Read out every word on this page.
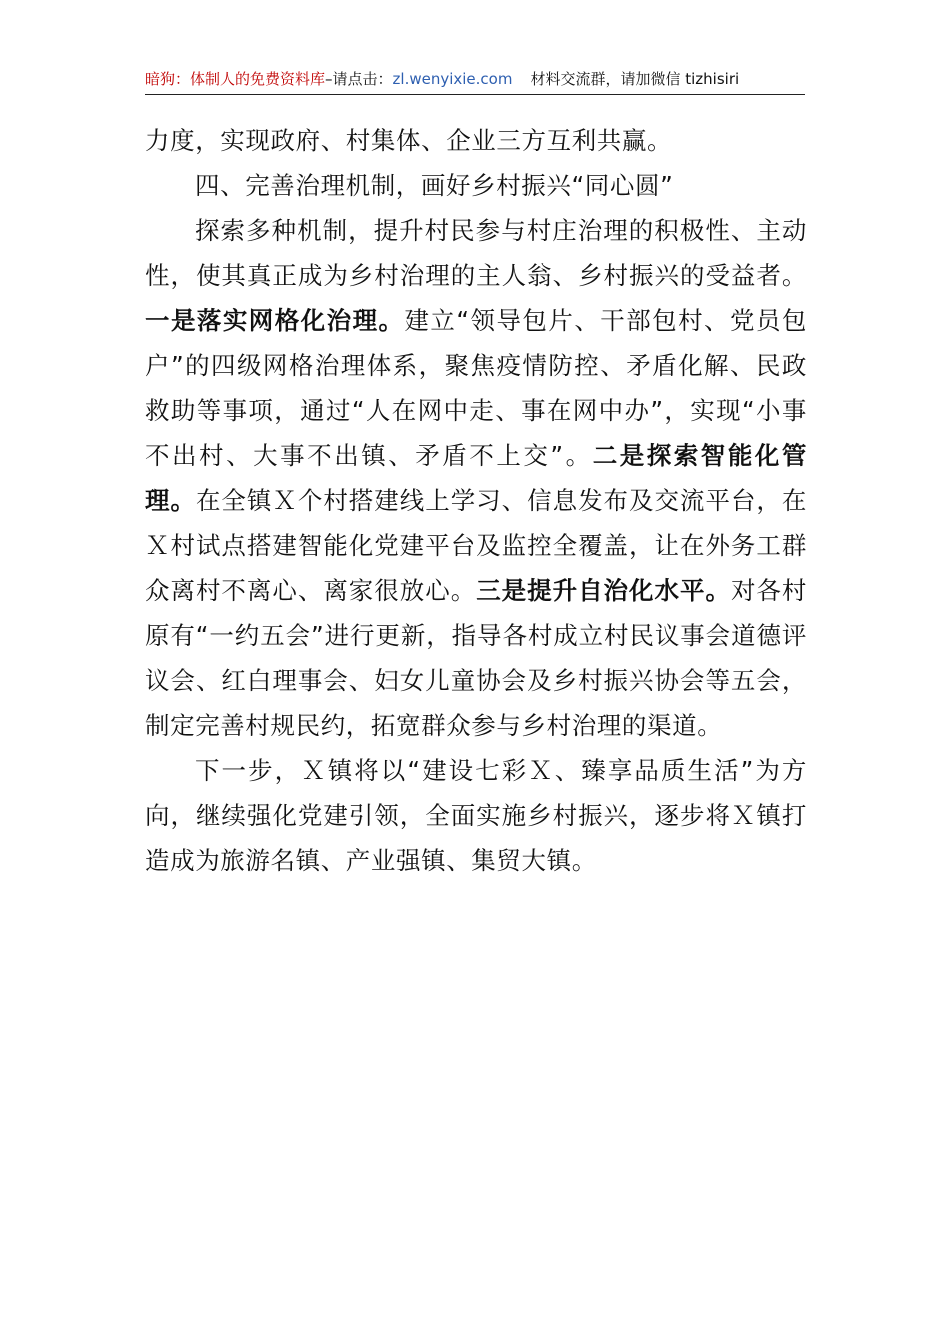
暗狗：体制人的免费资料库–请点击：zl.wenyixie.com 材料交流群，请加微信 tizhisiri

力度，实现政府、村集体、企业三方互利共赢。

四、完善治理机制，画好乡村振兴“同心圆”

探索多种机制，提升村民参与村庄治理的积极性、主动性，使其真正成为乡村治理的主人翁、乡村振兴的受益者。一是落实网格化治理。建立“领导包片、干部包村、党员包户”的四级网格治理体系，聚焦疫情防控、矛盾化解、民政救助等事项，通过“人在网中走、事在网中办”，实现“小事不出村、大事不出镇、矛盾不上交”。二是探索智能化管理。在全镇Ｘ个村搭建线上学习、信息发布及交流平台，在Ｘ村试点搭建智能化党建平台及监控全覆盖，让在外务工群众离村不离心、离家很放心。三是提升自治化水平。对各村原有“一约五会”进行更新，指导各村成立村民议事会道德评议会、红白理事会、妇女儿童协会及乡村振兴协会等五会，制定完善村规民约，拓宽群众参与乡村治理的渠道。

下一步，Ｘ镇将以“建设七彩Ｘ、臻享品质生活”为方向，继续强化党建引领，全面实施乡村振兴，逐步将Ｘ镇打造成为旅游名镇、产业强镇、集贸大镇。
